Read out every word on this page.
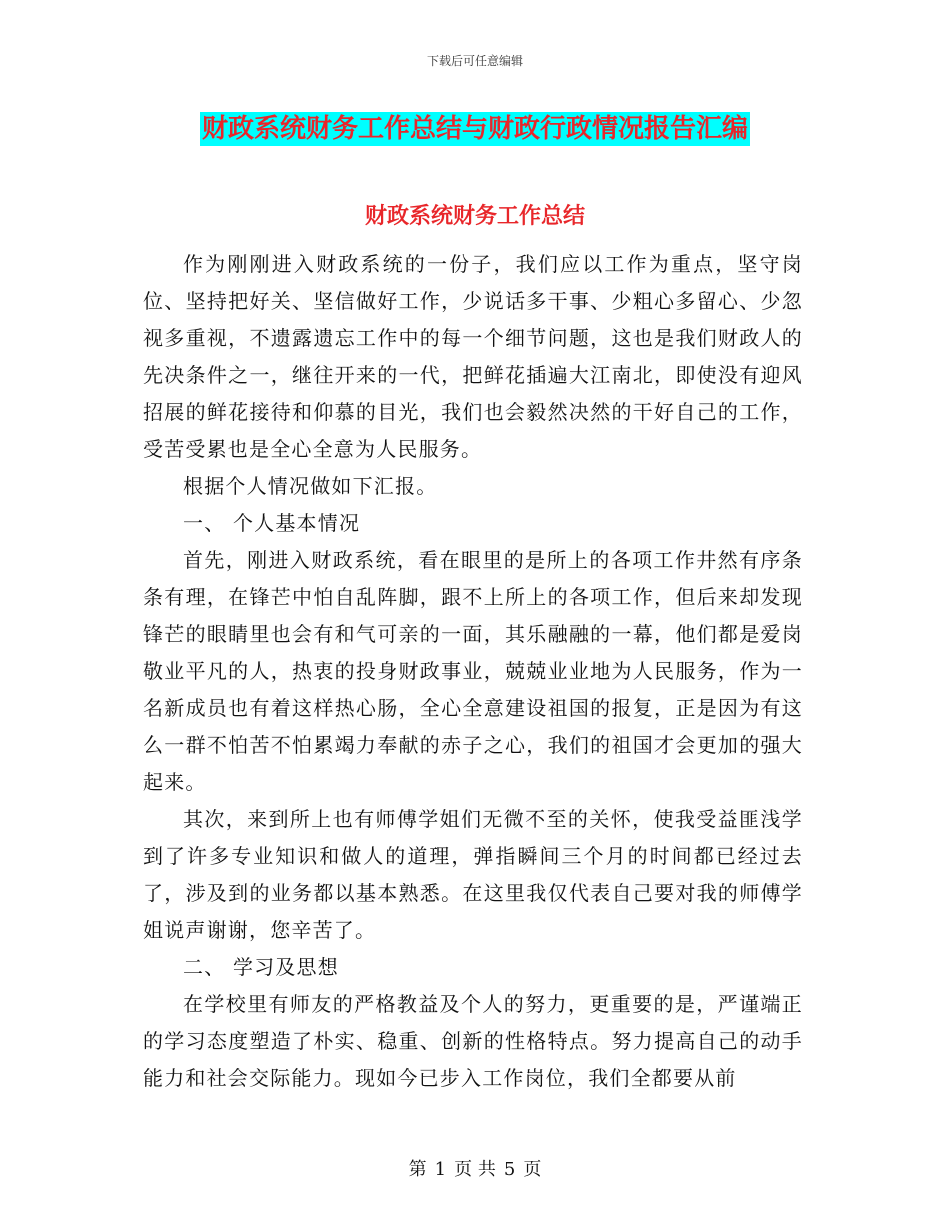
下载后可任意编辑
财政系统财务工作总结与财政行政情况报告汇编
财政系统财务工作总结

作为刚刚进入财政系统的一份子，我们应以工作为重点，坚守岗位、坚持把好关、坚信做好工作，少说话多干事、少粗心多留心、少忽视多重视，不遗露遗忘工作中的每一个细节问题，这也是我们财政人的先决条件之一，继往开来的一代，把鲜花插遍大江南北，即使没有迎风招展的鲜花接待和仰慕的目光，我们也会毅然决然的干好自己的工作，受苦受累也是全心全意为人民服务。

根据个人情况做如下汇报。

一、 个人基本情况

首先，刚进入财政系统，看在眼里的是所上的各项工作井然有序条条有理，在锋芒中怕自乱阵脚，跟不上所上的各项工作，但后来却发现锋芒的眼睛里也会有和气可亲的一面，其乐融融的一幕，他们都是爱岗敬业平凡的人，热衷的投身财政事业，兢兢业业地为人民服务，作为一名新成员也有着这样热心肠，全心全意建设祖国的报复，正是因为有这么一群不怕苦不怕累竭力奉献的赤子之心，我们的祖国才会更加的强大起来。

其次，来到所上也有师傅学姐们无微不至的关怀，使我受益匪浅学到了许多专业知识和做人的道理，弹指瞬间三个月的时间都已经过去了，涉及到的业务都以基本熟悉。在这里我仅代表自己要对我的师傅学姐说声谢谢，您辛苦了。

二、 学习及思想

在学校里有师友的严格教益及个人的努力，更重要的是，严谨端正的学习态度塑造了朴实、稳重、创新的性格特点。努力提高自己的动手能力和社会交际能力。现如今已步入工作岗位，我们全都要从前

第 1 页 共 5 页
